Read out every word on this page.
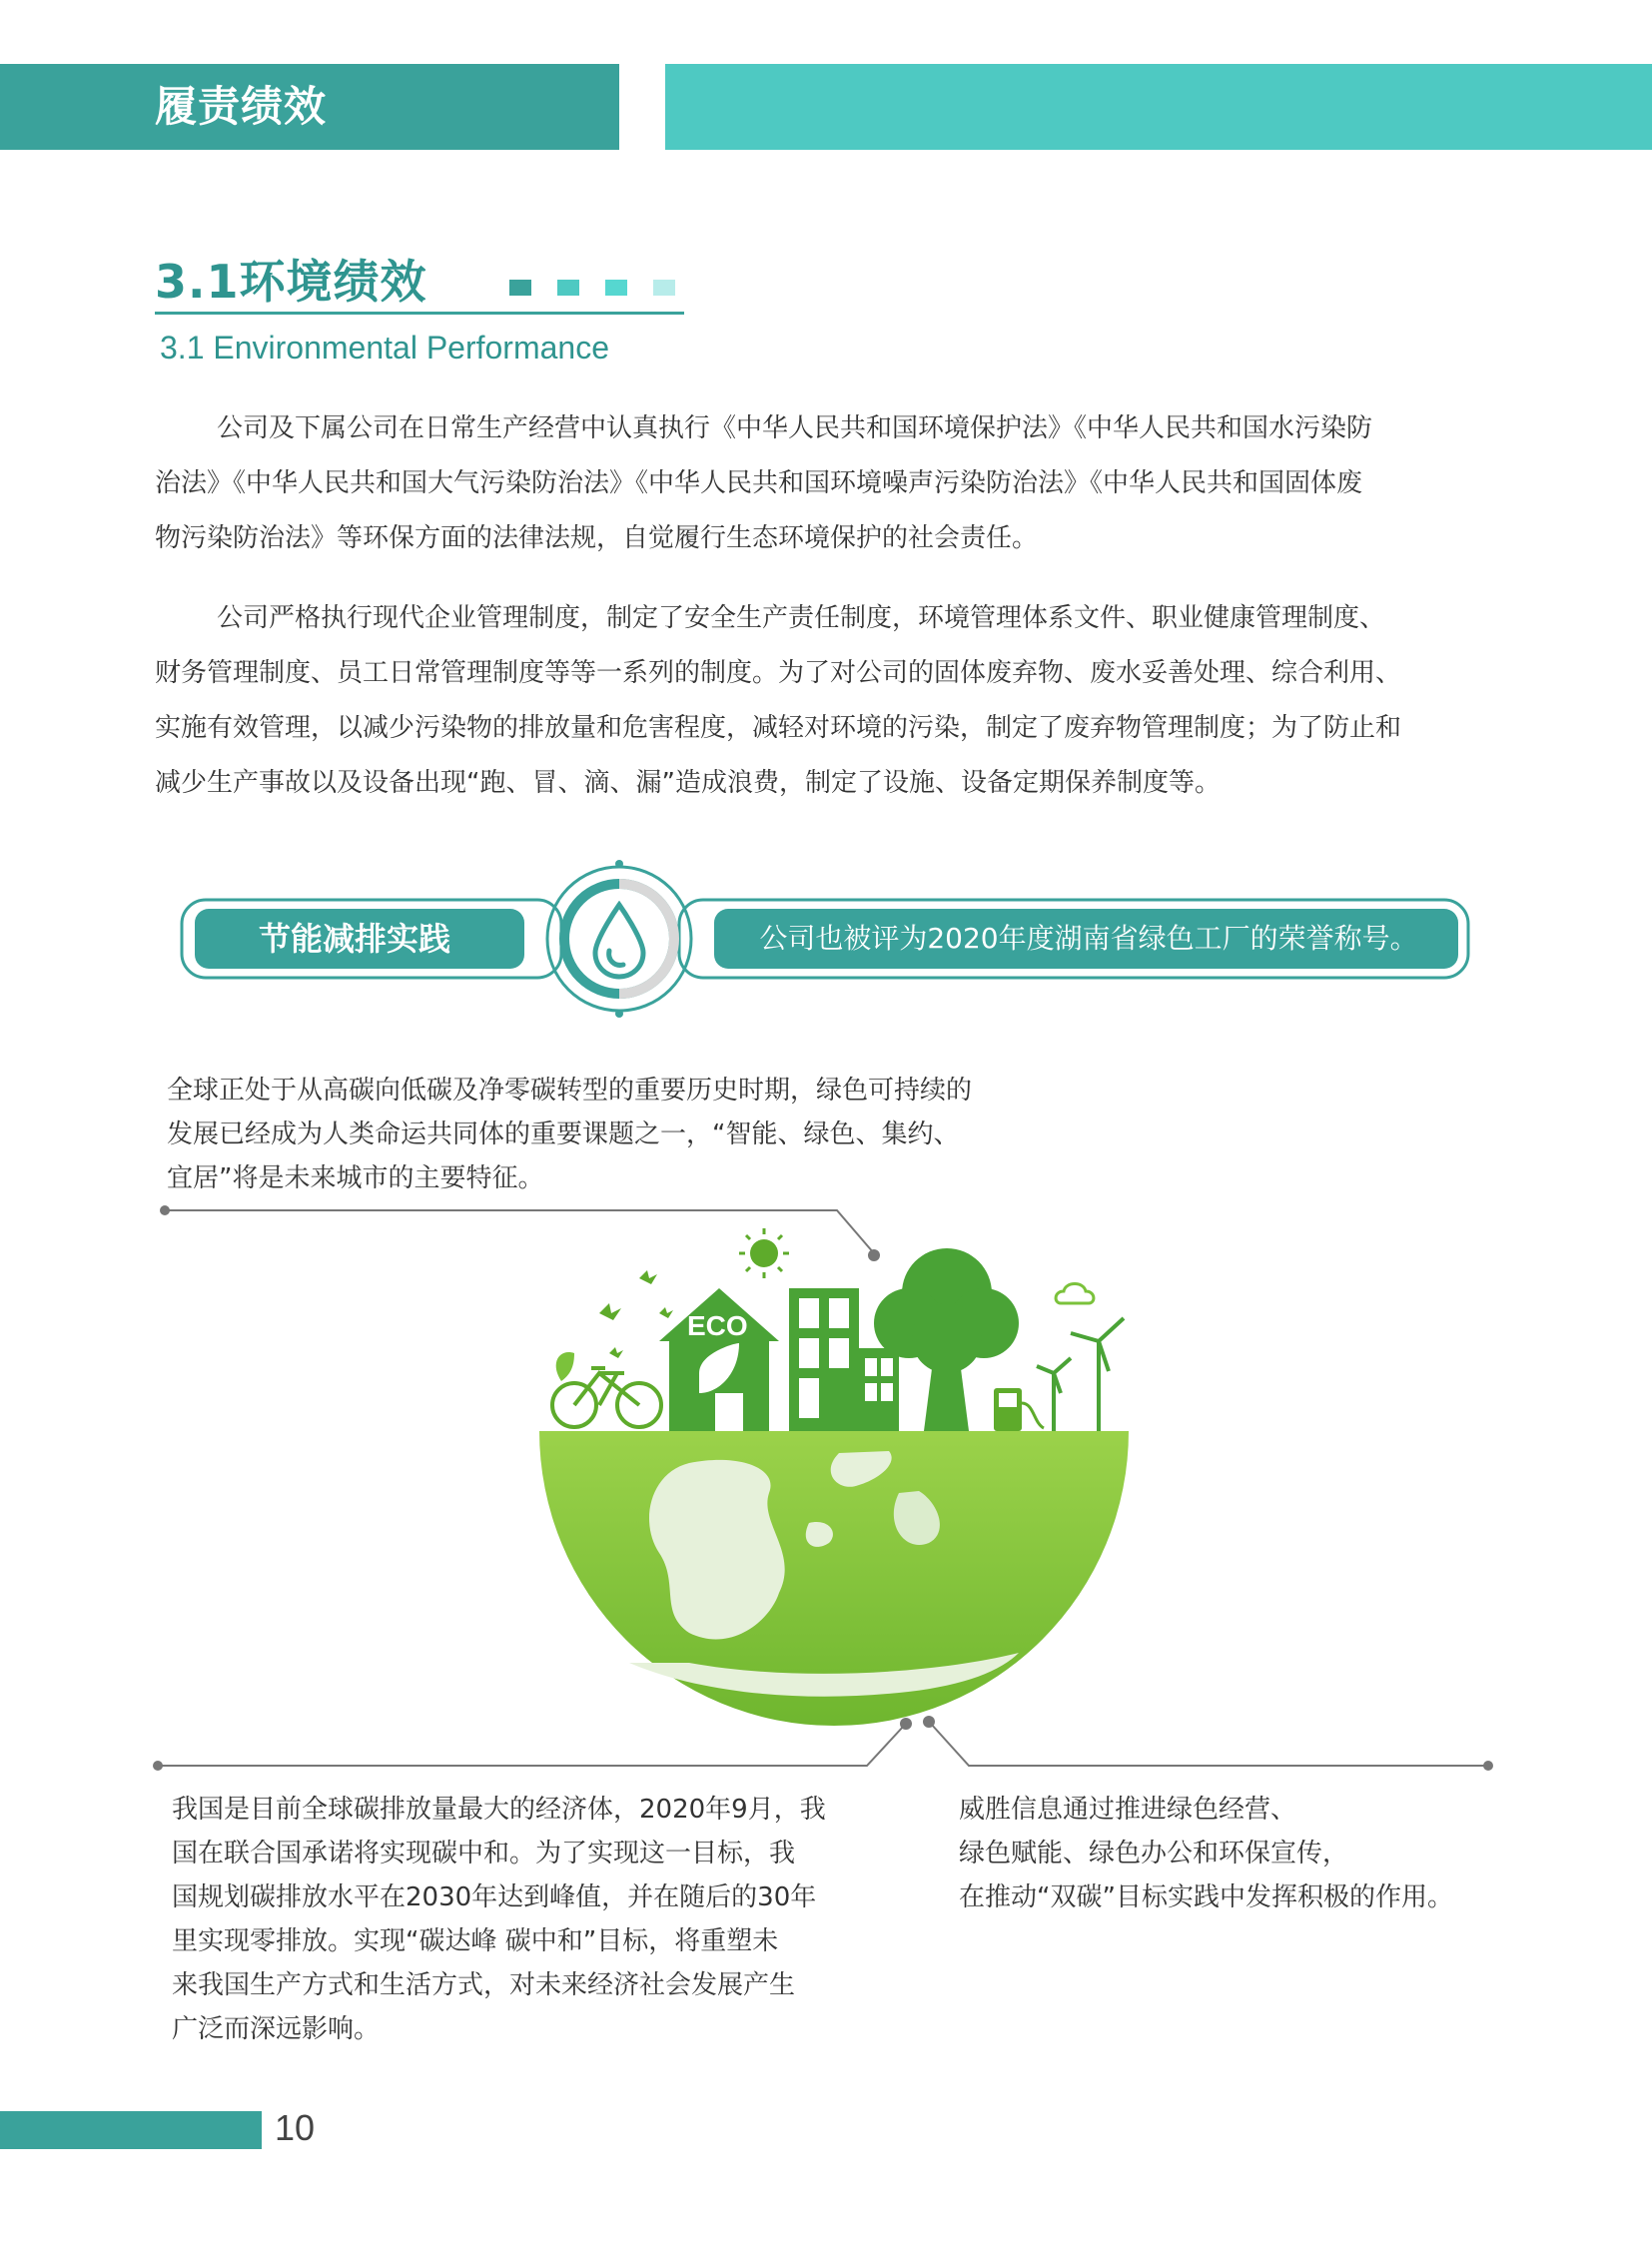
履责绩效
3.1环境绩效
3.1 Environmental Performance
公司及下属公司在日常生产经营中认真执行《中华人民共和国环境保护法》《中华人民共和国水污染防
治法》《中华人民共和国大气污染防治法》《中华人民共和国环境噪声污染防治法》《中华人民共和国固体废
物污染防治法》等环保方面的法律法规，自觉履行生态环境保护的社会责任。
公司严格执行现代企业管理制度，制定了安全生产责任制度，环境管理体系文件、职业健康管理制度、
财务管理制度、员工日常管理制度等等一系列的制度。为了对公司的固体废弃物、废水妥善处理、综合利用、
实施有效管理，以减少污染物的排放量和危害程度，减轻对环境的污染，制定了废弃物管理制度；为了防止和
减少生产事故以及设备出现“跑、冒、滴、漏”造成浪费，制定了设施、设备定期保养制度等。
节能减排实践	公司也被评为2020年度湖南省绿色工厂的荣誉称号。
全球正处于从高碳向低碳及净零碳转型的重要历史时期，绿色可持续的
发展已经成为人类命运共同体的重要课题之一，“智能、绿色、集约、
宜居”将是未来城市的主要特征。
ECO
我国是目前全球碳排放量最大的经济体，2020年9月，我
国在联合国承诺将实现碳中和。为了实现这一目标，我
国规划碳排放水平在2030年达到峰值，并在随后的30年
里实现零排放。实现“碳达峰 碳中和”目标，将重塑未
来我国生产方式和生活方式，对未来经济社会发展产生
广泛而深远影响。
威胜信息通过推进绿色经营、
绿色赋能、绿色办公和环保宣传，
在推动“双碳”目标实践中发挥积极的作用。
10
